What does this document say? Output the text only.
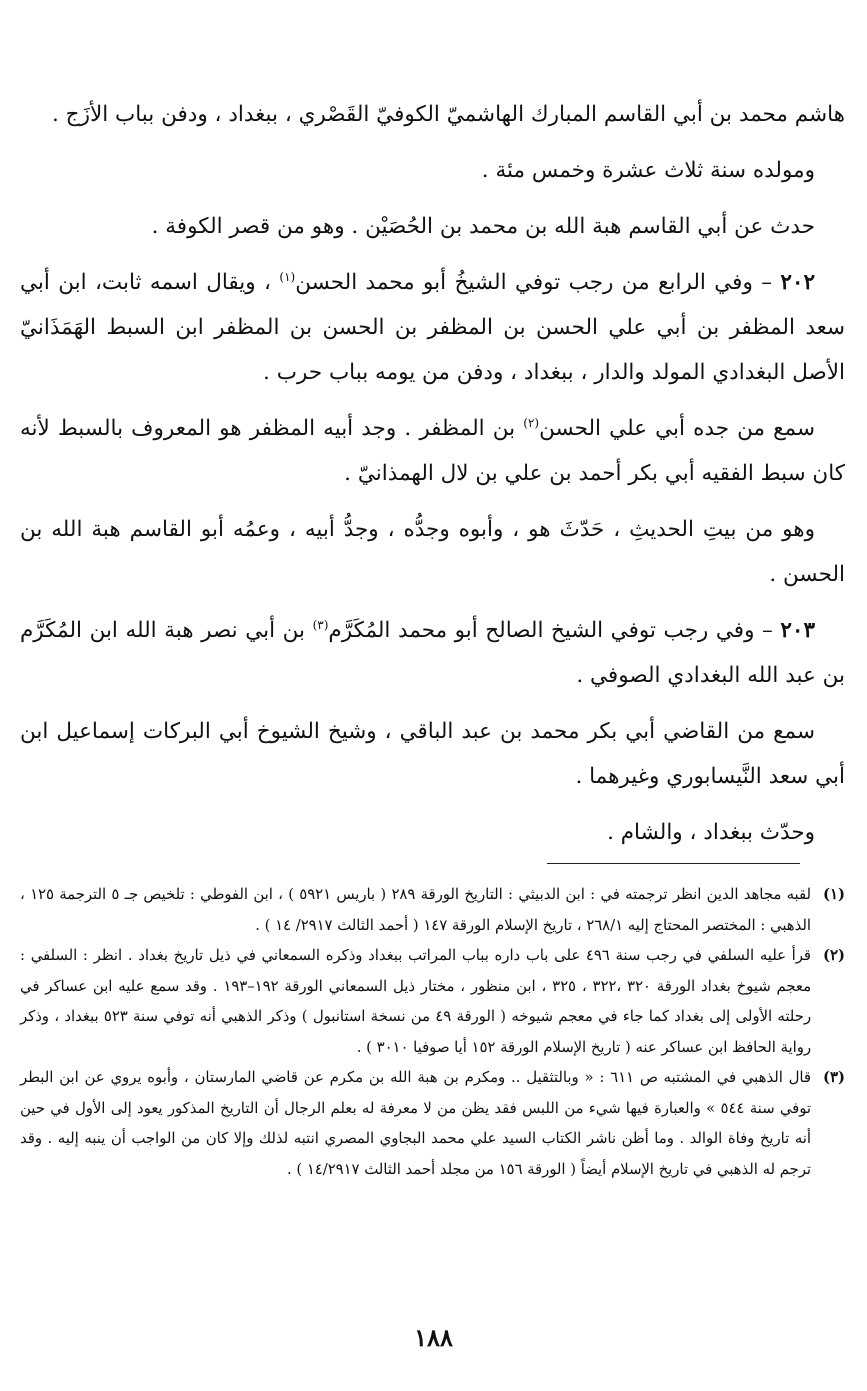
هاشم محمد بن أبي القاسم المبارك الهاشميّ الكوفيّ القَصْري ، ببغداد ، ودفن بباب الأزَج .

ومولده سنة ثلاث عشرة وخمس مئة .

حدث عن أبي القاسم هبة الله بن محمد بن الحُصَيْن . وهو من قصر الكوفة .

٢٠٢ – وفي الرابع من رجب توفي الشيخُ أبو محمد الحسن$^{(١)}$ ، ويقال اسمه ثابت، ابن أبي سعد المظفر بن أبي علي الحسن بن المظفر بن الحسن بن المظفر ابن السبط الهَمَذَانيّ الأصل البغدادي المولد والدار ، ببغداد ، ودفن من يومه بباب حرب .

سمع من جده أبي علي الحسن$^{(٢)}$ بن المظفر . وجد أبيه المظفر هو المعروف بالسبط لأنه كان سبط الفقيه أبي بكر أحمد بن علي بن لال الهمذانيّ .

وهو من بيتِ الحديثِ ، حَدّثَ هو ، وأبوه وجدُّه ، وجدُّ أبيه ، وعمُه أبو القاسم هبة الله بن الحسن .

٢٠٣ – وفي رجب توفي الشيخ الصالح أبو محمد المُكَرَّم$^{(٣)}$ بن أبي نصر هبة الله ابن المُكَرَّم بن عبد الله البغدادي الصوفي .

سمع من القاضي أبي بكر محمد بن عبد الباقي ، وشيخ الشيوخ أبي البركات إسماعيل ابن أبي سعد النَّيسابوري وغيرهما .

وحدّث ببغداد ، والشام .

(١)
لقبه مجاهد الدين انظر ترجمته في : ابن الدبيثي : التاريخ الورقة ٢٨٩ ( باريس ٥٩٢١ ) ، ابن الفوطي : تلخيص جـ ٥ الترجمة ١٢٥ ، الذهبي : المختصر المحتاج إليه ٢٦٨/١ ، تاريخ الإسلام الورقة ١٤٧ ( أحمد الثالث ٢٩١٧/ ١٤ ) .
(٢)
قرأ عليه السلفي في رجب سنة ٤٩٦ على باب داره بباب المراتب ببغداد وذكره السمعاني في ذيل تاريخ بغداد . انظر : السلفي : معجم شيوخ بغداد الورقة ٣٢٠ ،٣٢٢ ، ٣٢٥ ، ابن منظور ، مختار ذيل السمعاني الورقة ١٩٢–١٩٣ . وقد سمع عليه ابن عساكر في رحلته الأولى إلى بغداد كما جاء في معجم شيوخه ( الورقة ٤٩ من نسخة استانبول ) وذكر الذهبي أنه توفي سنة ٥٢٣ ببغداد ، وذكر رواية الحافظ ابن عساكر عنه ( تاريخ الإسلام الورقة ١٥٢ أيا صوفيا ٣٠١٠ ) .
(٣)
قال الذهبي في المشتبه ص ٦١١ : « وبالتثقيل .. ومكرم بن هبة الله بن مكرم عن قاضي المارستان ، وأبوه يروي عن ابن البطر توفي سنة ٥٤٤ » والعبارة فيها شيء من اللبس فقد يظن من لا معرفة له بعلم الرجال أن التاريخ المذكور يعود إلى الأول في حين أنه تاريخ وفاة الوالد . وما أظن ناشر الكتاب السيد علي محمد البجاوي المصري انتبه لذلك وإلا كان من الواجب أن ينبه إليه . وقد ترجم له الذهبي في تاريخ الإسلام أيضاً ( الورقة ١٥٦ من مجلد أحمد الثالث ١٤/٢٩١٧ ) .
١٨٨
